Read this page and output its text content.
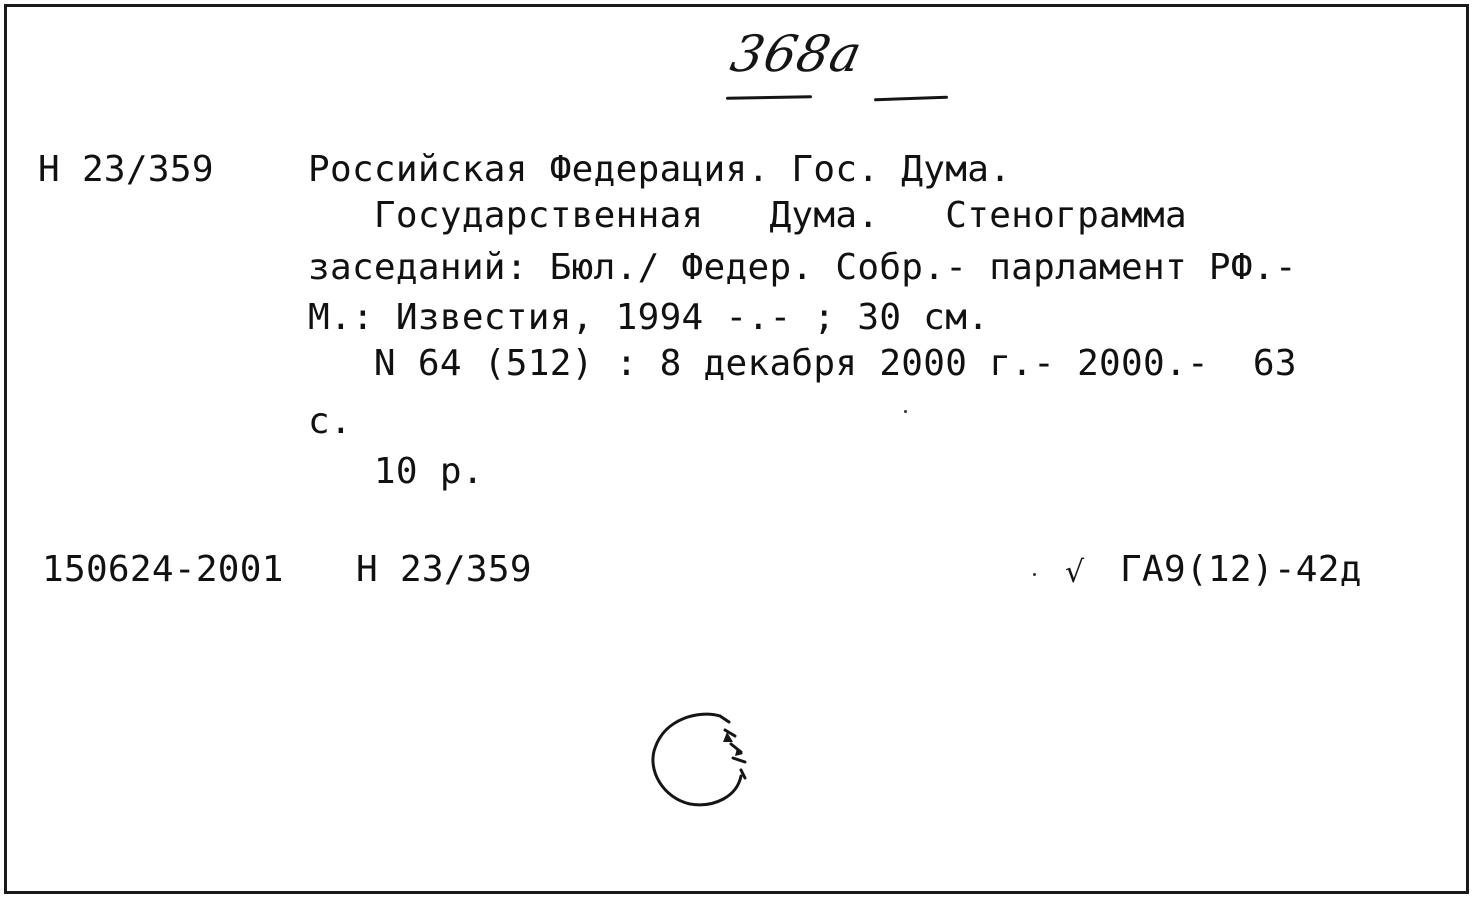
368а
Н 23/359	Российская Федерация. Гос. Дума.
Государственная   Дума.   Стенограмма
заседаний: Бюл./ Федер. Собр.- парламент РФ.-
М.: Известия, 1994 -.- ; 30 см.
N 64 (512) : 8 декабря 2000 г.- 2000.-  63
с.
10 р.
150624-2001 Н 23/359	√ ГА9(12)-42д
